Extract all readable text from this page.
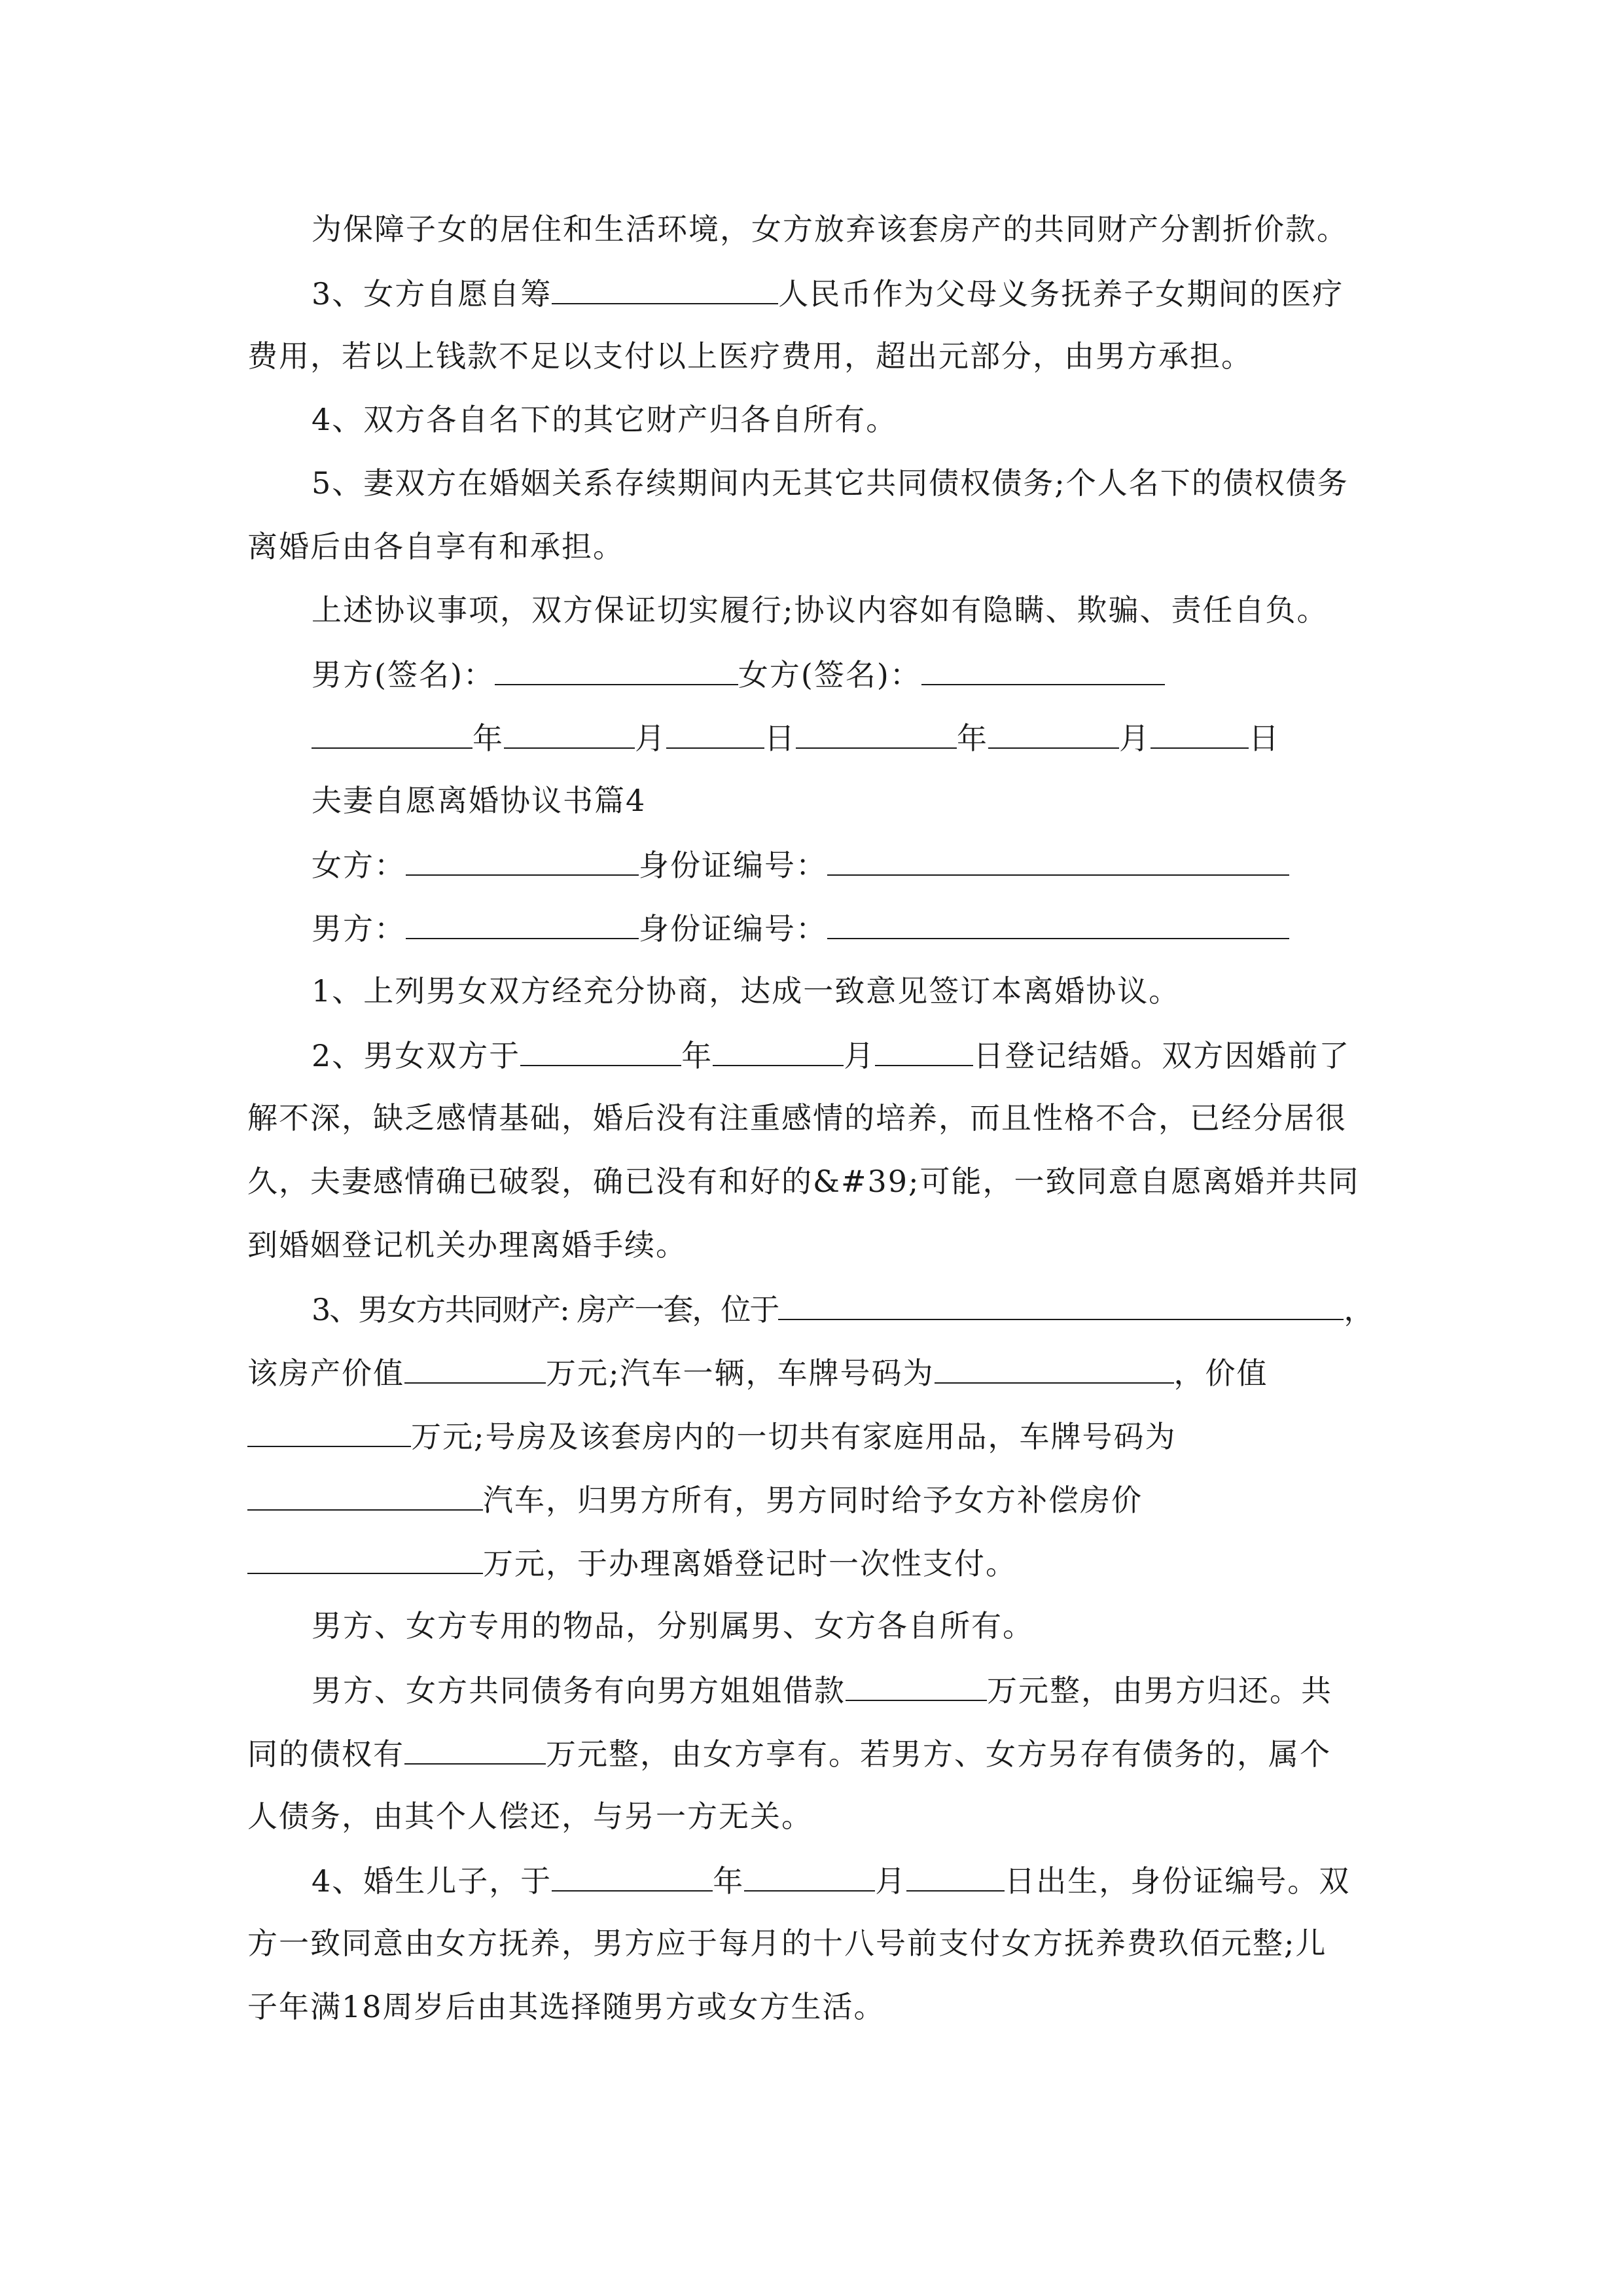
为保障子女的居住和生活环境，女方放弃该套房产的共同财产分割折价款。
3、女方自愿自筹	人民币作为父母义务抚养子女期间的医疗
费用，若以上钱款不足以支付以上医疗费用，超出元部分，由男方承担。
4、双方各自名下的其它财产归各自所有。
5、妻双方在婚姻关系存续期间内无其它共同债权债务;个人名下的债权债务
离婚后由各自享有和承担。
上述协议事项，双方保证切实履行;协议内容如有隐瞒、欺骗、责任自负。
男方(签名)：	女方(签名)：
年	月	日	年	月	日
夫妻自愿离婚协议书篇4
女方：	身份证编号：
男方：	身份证编号：
1、上列男女双方经充分协商，达成一致意见签订本离婚协议。
2、男女双方于	年	月	日登记结婚。双方因婚前了
解不深，缺乏感情基础，婚后没有注重感情的培养，而且性格不合，已经分居很
久，夫妻感情确已破裂，确已没有和好的&#39;可能，一致同意自愿离婚并共同
到婚姻登记机关办理离婚手续。
3、男女方共同财产: 房产一套，位于	，
该房产价值	万元;汽车一辆，车牌号码为	，价值
万元;号房及该套房内的一切共有家庭用品，车牌号码为
汽车，归男方所有，男方同时给予女方补偿房价
万元，于办理离婚登记时一次性支付。
男方、女方专用的物品，分别属男、女方各自所有。
男方、女方共同债务有向男方姐姐借款	万元整，由男方归还。共
同的债权有	万元整，由女方享有。若男方、女方另存有债务的，属个
人债务，由其个人偿还，与另一方无关。
4、婚生儿子，于	年	月	日出生，身份证编号。双
方一致同意由女方抚养，男方应于每月的十八号前支付女方抚养费玖佰元整;儿
子年满18周岁后由其选择随男方或女方生活。
